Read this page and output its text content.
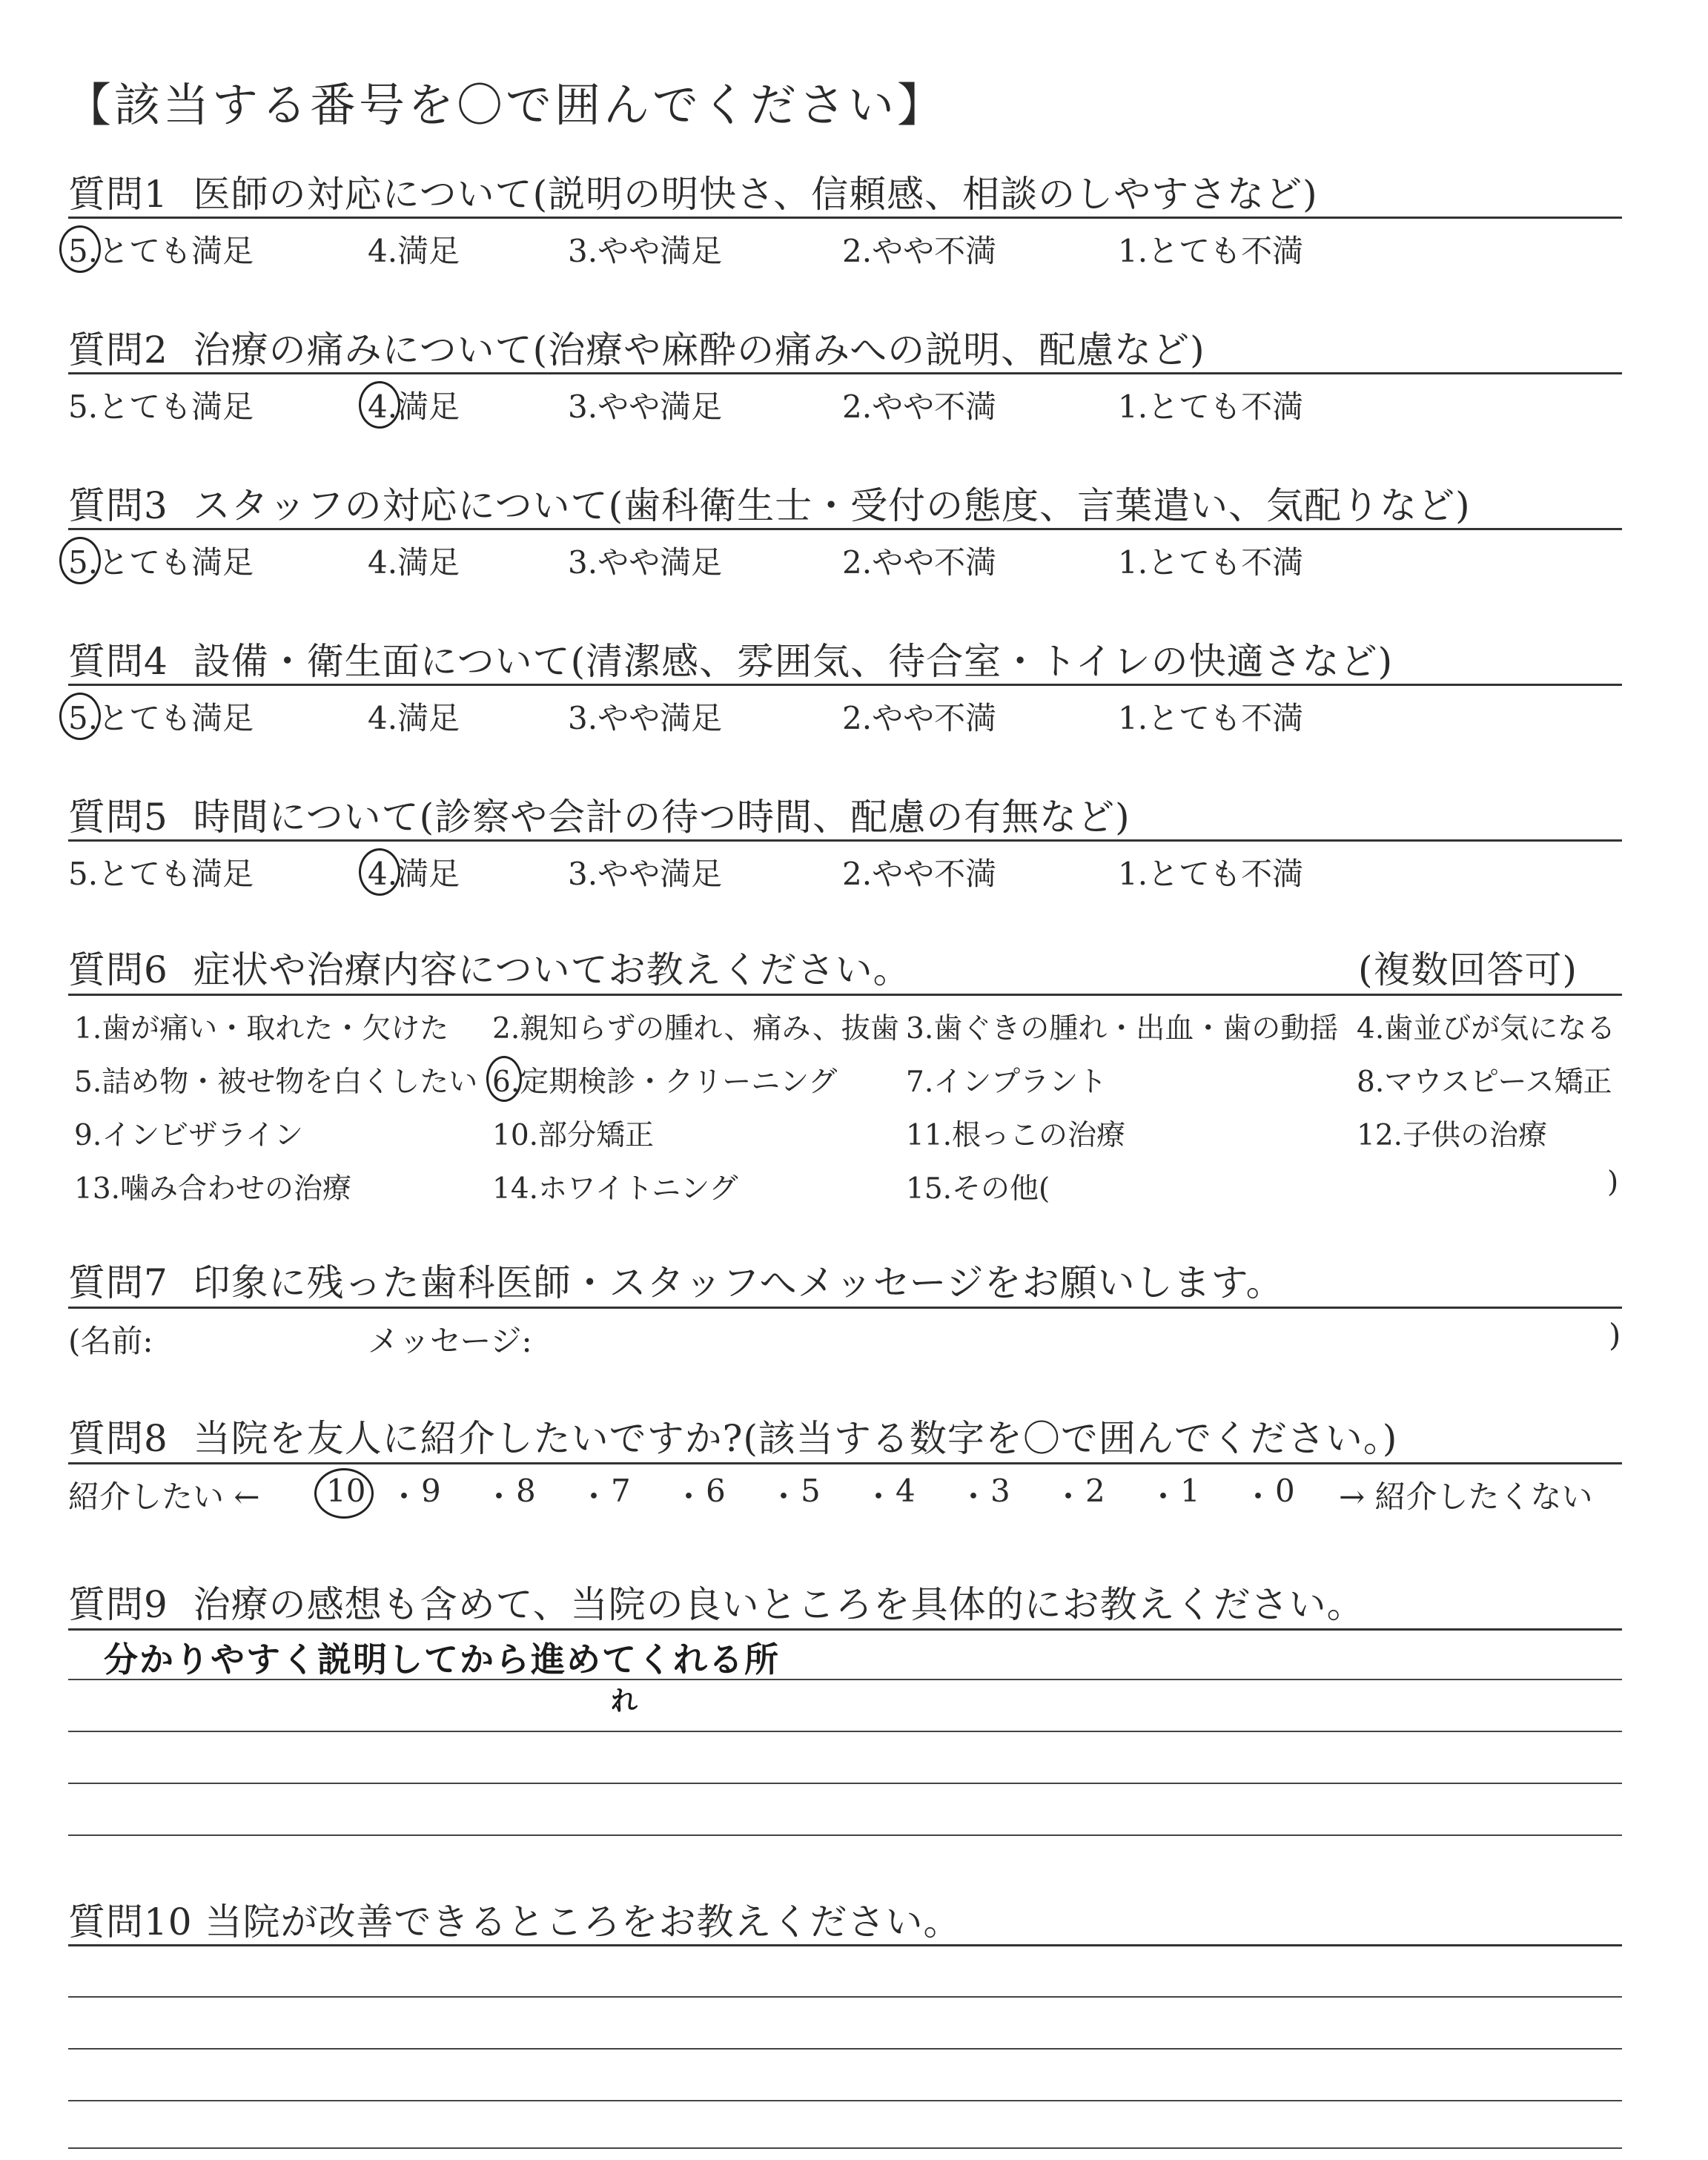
【該当する番号を〇で囲んでください】
質問1 医師の対応について(説明の明快さ、信頼感、相談のしやすさなど)
5.とても満足	4.満足	3.やや満足	2.やや不満	1.とても不満
質問2 治療の痛みについて(治療や麻酔の痛みへの説明、配慮など)
5.とても満足	4.満足	3.やや満足	2.やや不満	1.とても不満
質問3 スタッフの対応について(歯科衛生士・受付の態度、言葉遣い、気配りなど)
5.とても満足	4.満足	3.やや満足	2.やや不満	1.とても不満
質問4 設備・衛生面について(清潔感、雰囲気、待合室・トイレの快適さなど)
5.とても満足	4.満足	3.やや満足	2.やや不満	1.とても不満
質問5 時間について(診察や会計の待つ時間、配慮の有無など)
5.とても満足	4.満足	3.やや満足	2.やや不満	1.とても不満
質問6 症状や治療内容についてお教えください。	(複数回答可)
1.歯が痛い・取れた・欠けた 2.親知らずの腫れ、痛み、抜歯 3.歯ぐきの腫れ・出血・歯の動揺 4.歯並びが気になる
5.詰め物・被せ物を白くしたい 6.定期検診・クリーニング 7.インプラント	8.マウスピース矯正
9.インビザライン	10.部分矯正	11.根っこの治療	12.子供の治療
13.噛み合わせの治療	14.ホワイトニング	15.その他(	)
質問7 印象に残った歯科医師・スタッフへメッセージをお願いします。
(名前:	メッセージ:	)
質問8 当院を友人に紹介したいですか?(該当する数字を〇で囲んでください。)
紹介したい ←	→ 紹介したくない
10 ・ 9 ・ 8 ・ 7 ・ 6 ・ 5 ・ 4 ・ 3 ・ 2 ・ 1 ・ 0
質問9 治療の感想も含めて、当院の良いところを具体的にお教えください。
分かりやすく説明してから進めてくれる所
れ
質問10 当院が改善できるところをお教えください。
